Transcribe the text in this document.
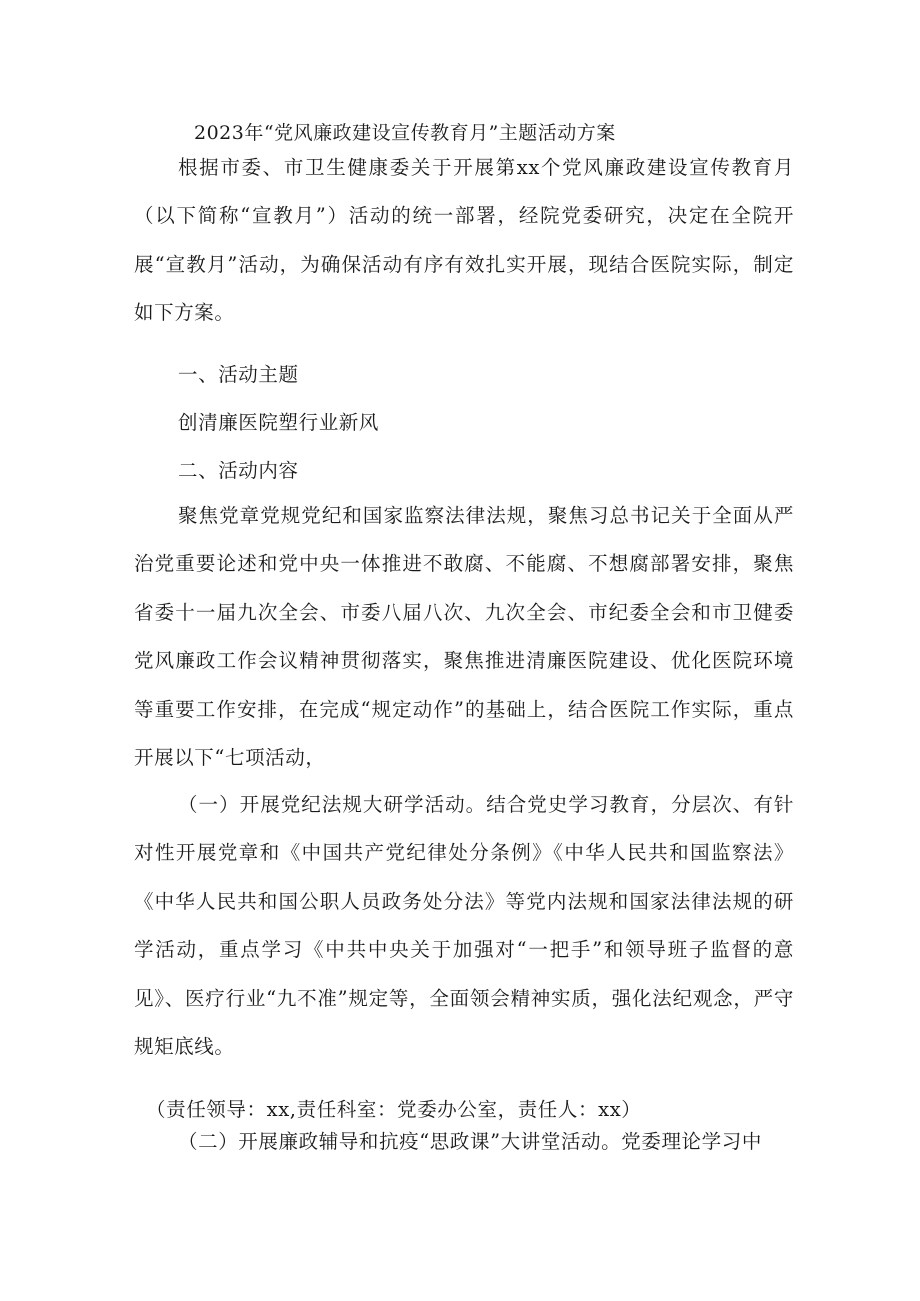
2023年“党风廉政建设宣传教育月”主题活动方案

根据市委、市卫生健康委关于开展第xx个党风廉政建设宣传教育月（以下简称“宣教月”）活动的统一部署，经院党委研究，决定在全院开展“宣教月”活动，为确保活动有序有效扎实开展，现结合医院实际，制定如下方案。

一、活动主题
创清廉医院塑行业新风
二、活动内容

聚焦党章党规党纪和国家监察法律法规，聚焦习总书记关于全面从严治党重要论述和党中央一体推进不敢腐、不能腐、不想腐部署安排，聚焦省委十一届九次全会、市委八届八次、九次全会、市纪委全会和市卫健委党风廉政工作会议精神贯彻落实，聚焦推进清廉医院建设、优化医院环境等重要工作安排，在完成“规定动作”的基础上，结合医院工作实际，重点开展以下“七项活动，

（一）开展党纪法规大研学活动。结合党史学习教育，分层次、有针对性开展党章和《中国共产党纪律处分条例》《中华人民共和国监察法》《中华人民共和国公职人员政务处分法》等党内法规和国家法律法规的研学活动，重点学习《中共中央关于加强对“一把手”和领导班子监督的意见》、医疗行业“九不准”规定等，全面领会精神实质，强化法纪观念，严守规矩底线。

（责任领导：xx,责任科室：党委办公室，责任人：xx）

（二）开展廉政辅导和抗疫“思政课”大讲堂活动。党委理论学习中
